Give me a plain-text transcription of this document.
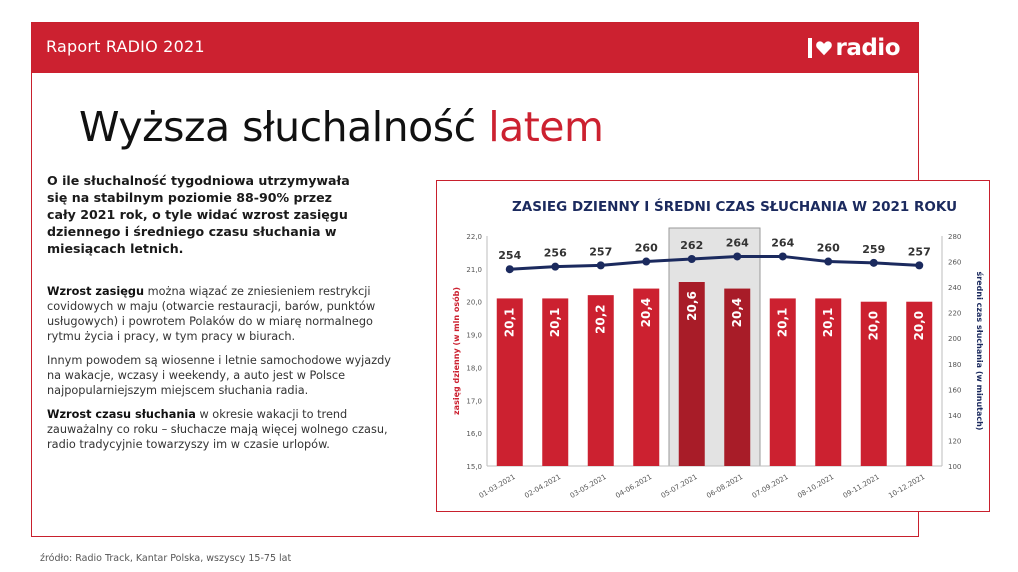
Raport RADIO 2021	radio
Wyższa słuchalność latem
O ile słuchalność tygodniowa utrzymywała się na stabilnym poziomie 88-90% przez cały 2021 rok, o tyle widać wzrost zasięgu dziennego i średniego czasu słuchania w miesiącach letnich.

Wzrost zasięgu można wiązać ze zniesieniem restrykcji covidowych w maju (otwarcie restauracji, barów, punktów usługowych) i powrotem Polaków do w miarę normalnego rytmu życia i pracy, w tym pracy w biurach.

Innym powodem są wiosenne i letnie samochodowe wyjazdy na wakacje, wczasy i weekendy, a auto jest w Polsce najpopularniejszym miejscem słuchania radia.

Wzrost czasu słuchania w okresie wakacji to trend zauważalny co roku – słuchacze mają więcej wolnego czasu, radio tradycyjnie towarzyszy im w czasie urlopów.

ZASIEG DZIENNY I ŚREDNI CZAS SŁUCHANIA W 2021 ROKU
15,0
16,0
17,0
18,0
19,0
20,0
21,0
22,0
100
120
140
160
180
200
220
240
260
280
zasięg dzienny (w mln osób)	średni czas słuchania (w minutach)
20,1	20,1	20,2	20,4	20,6	20,4	20,1	20,1	20,0	20,0
254 256 257 260 262 264 264 260 259 257
01-03.2021 02-04.2021 03-05.2021 04-06.2021 05-07.2021 06-08.2021 07-09.2021 08-10.2021 09-11.2021 10-12.2021
źródło: Radio Track, Kantar Polska, wszyscy 15-75 lat
